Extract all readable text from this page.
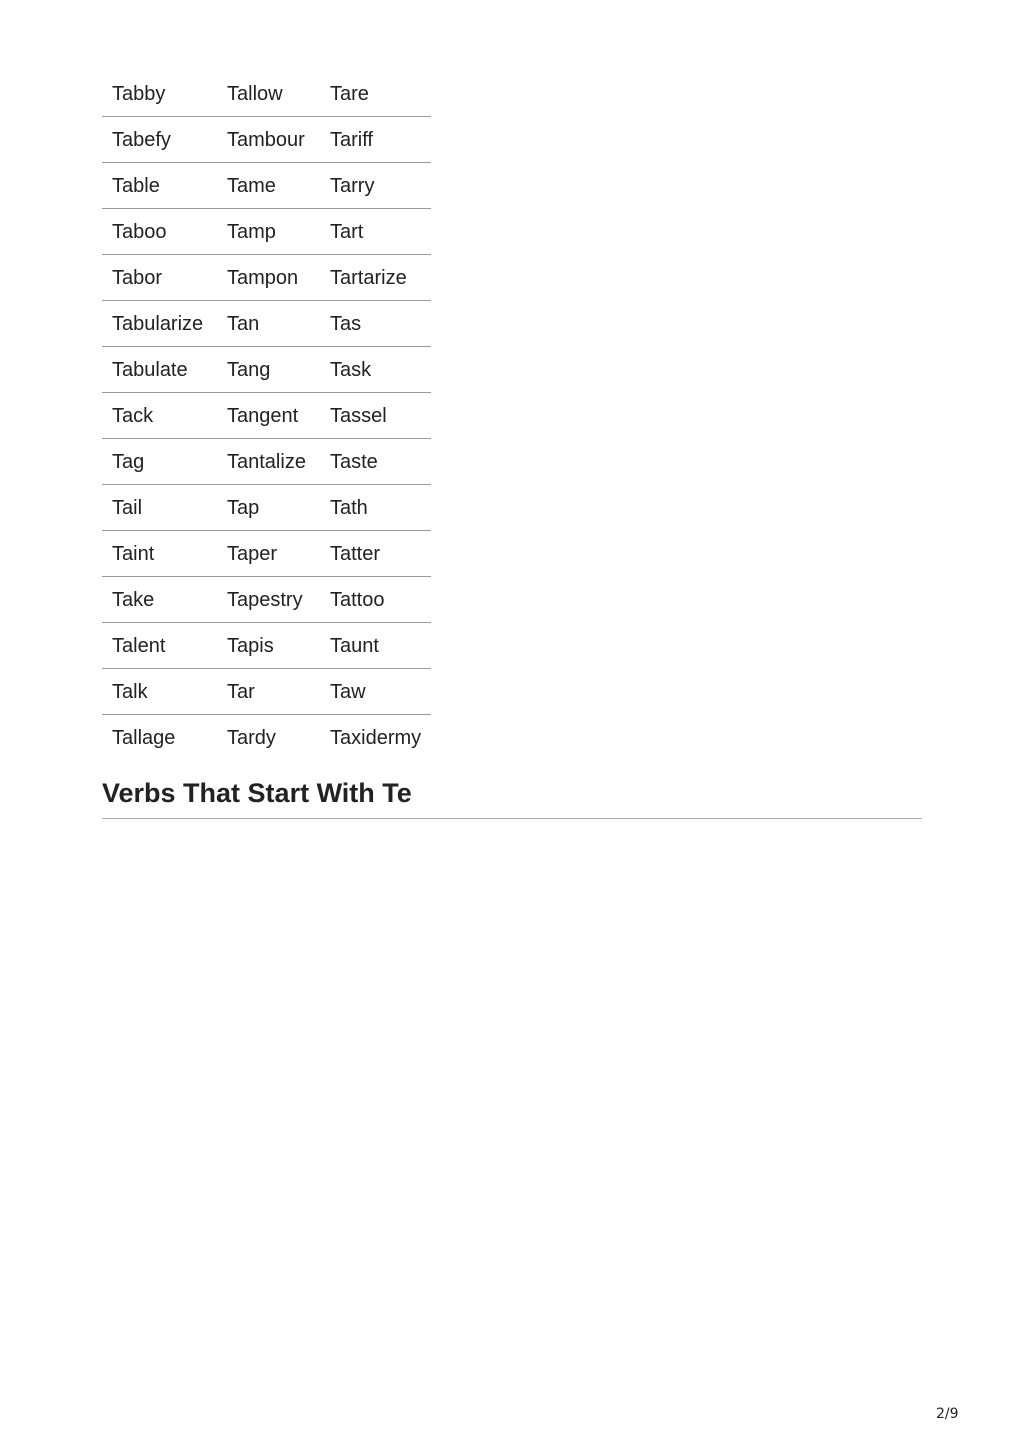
Tabby	Tallow	Tare
Tabefy	Tambour	Tariff
Table	Tame	Tarry
Taboo	Tamp	Tart
Tabor	Tampon	Tartarize
Tabularize	Tan	Tas
Tabulate	Tang	Task
Tack	Tangent	Tassel
Tag	Tantalize	Taste
Tail	Tap	Tath
Taint	Taper	Tatter
Take	Tapestry	Tattoo
Talent	Tapis	Taunt
Talk	Tar	Taw
Tallage	Tardy	Taxidermy
Verbs That Start With Te
2/9
